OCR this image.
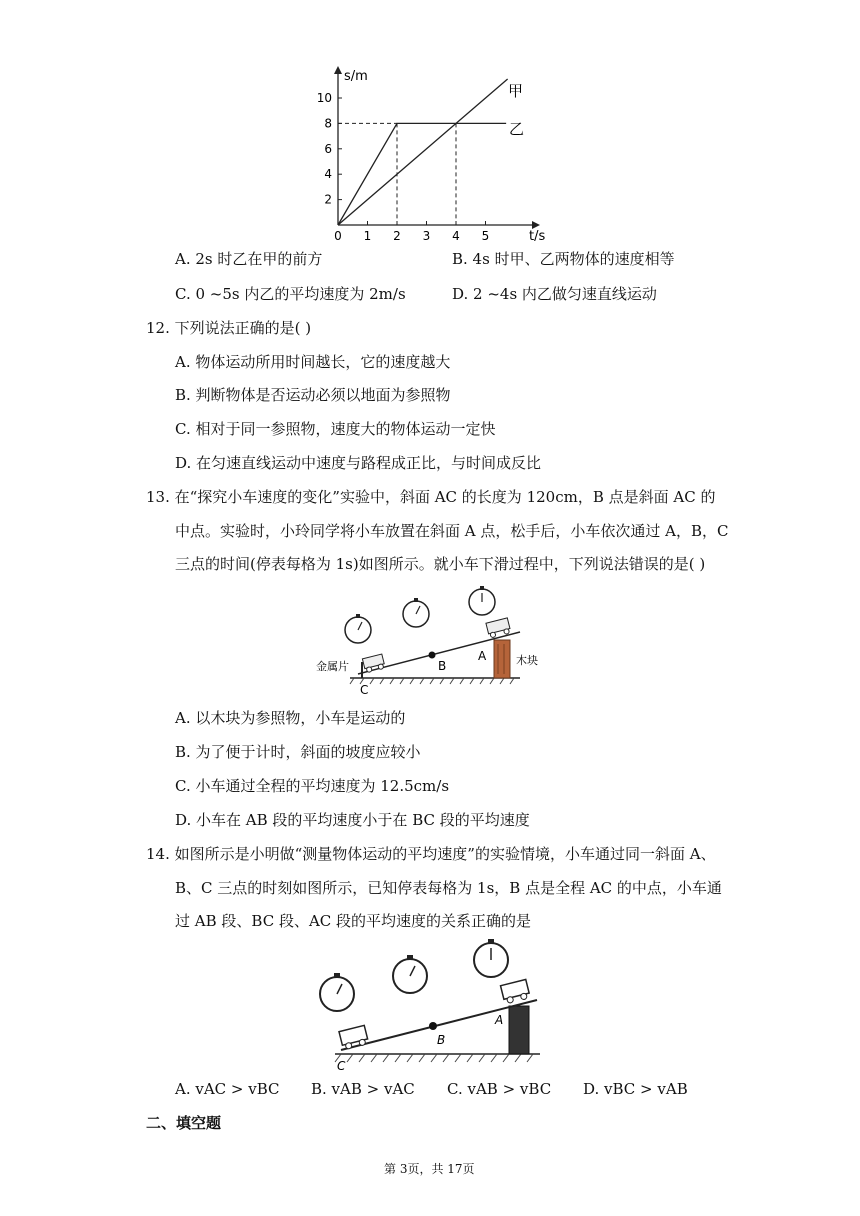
2
4
6
8
10
0 1 2 3 4 5
s/m
t/s
甲
乙
A. 2s 时乙在甲的前方	B. 4s 时甲、乙两物体的速度相等
C. 0 ~5s 内乙的平均速度为 2m/s	D. 2 ~4s 内乙做匀速直线运动
12. 下列说法正确的是( )
A. 物体运动所用时间越长，它的速度越大
B. 判断物体是否运动必须以地面为参照物
C. 相对于同一参照物，速度大的物体运动一定快
D. 在匀速直线运动中速度与路程成正比，与时间成反比
13. 在“探究小车速度的变化”实验中，斜面 AC 的长度为 120cm，B 点是斜面 AC 的
中点。实验时，小玲同学将小车放置在斜面 A 点，松手后，小车依次通过 A，B，C
三点的时间(停表每格为 1s)如图所示。就小车下滑过程中，下列说法错误的是( )
金属片	木块
A
B
C
A. 以木块为参照物，小车是运动的
B. 为了便于计时，斜面的坡度应较小
C. 小车通过全程的平均速度为 12.5cm/s
D. 小车在 AB 段的平均速度小于在 BC 段的平均速度
14. 如图所示是小明做“测量物体运动的平均速度”的实验情境，小车通过同一斜面 A、
B、C 三点的时刻如图所示，已知停表每格为 1s，B 点是全程 AC 的中点，小车通
过 AB 段、BC 段、AC 段的平均速度的关系正确的是
A
B
C
A. vAC > vBC B. vAB > vAC C. vAB > vBC D. vBC > vAB
二、填空题
第 3页，共 17页
